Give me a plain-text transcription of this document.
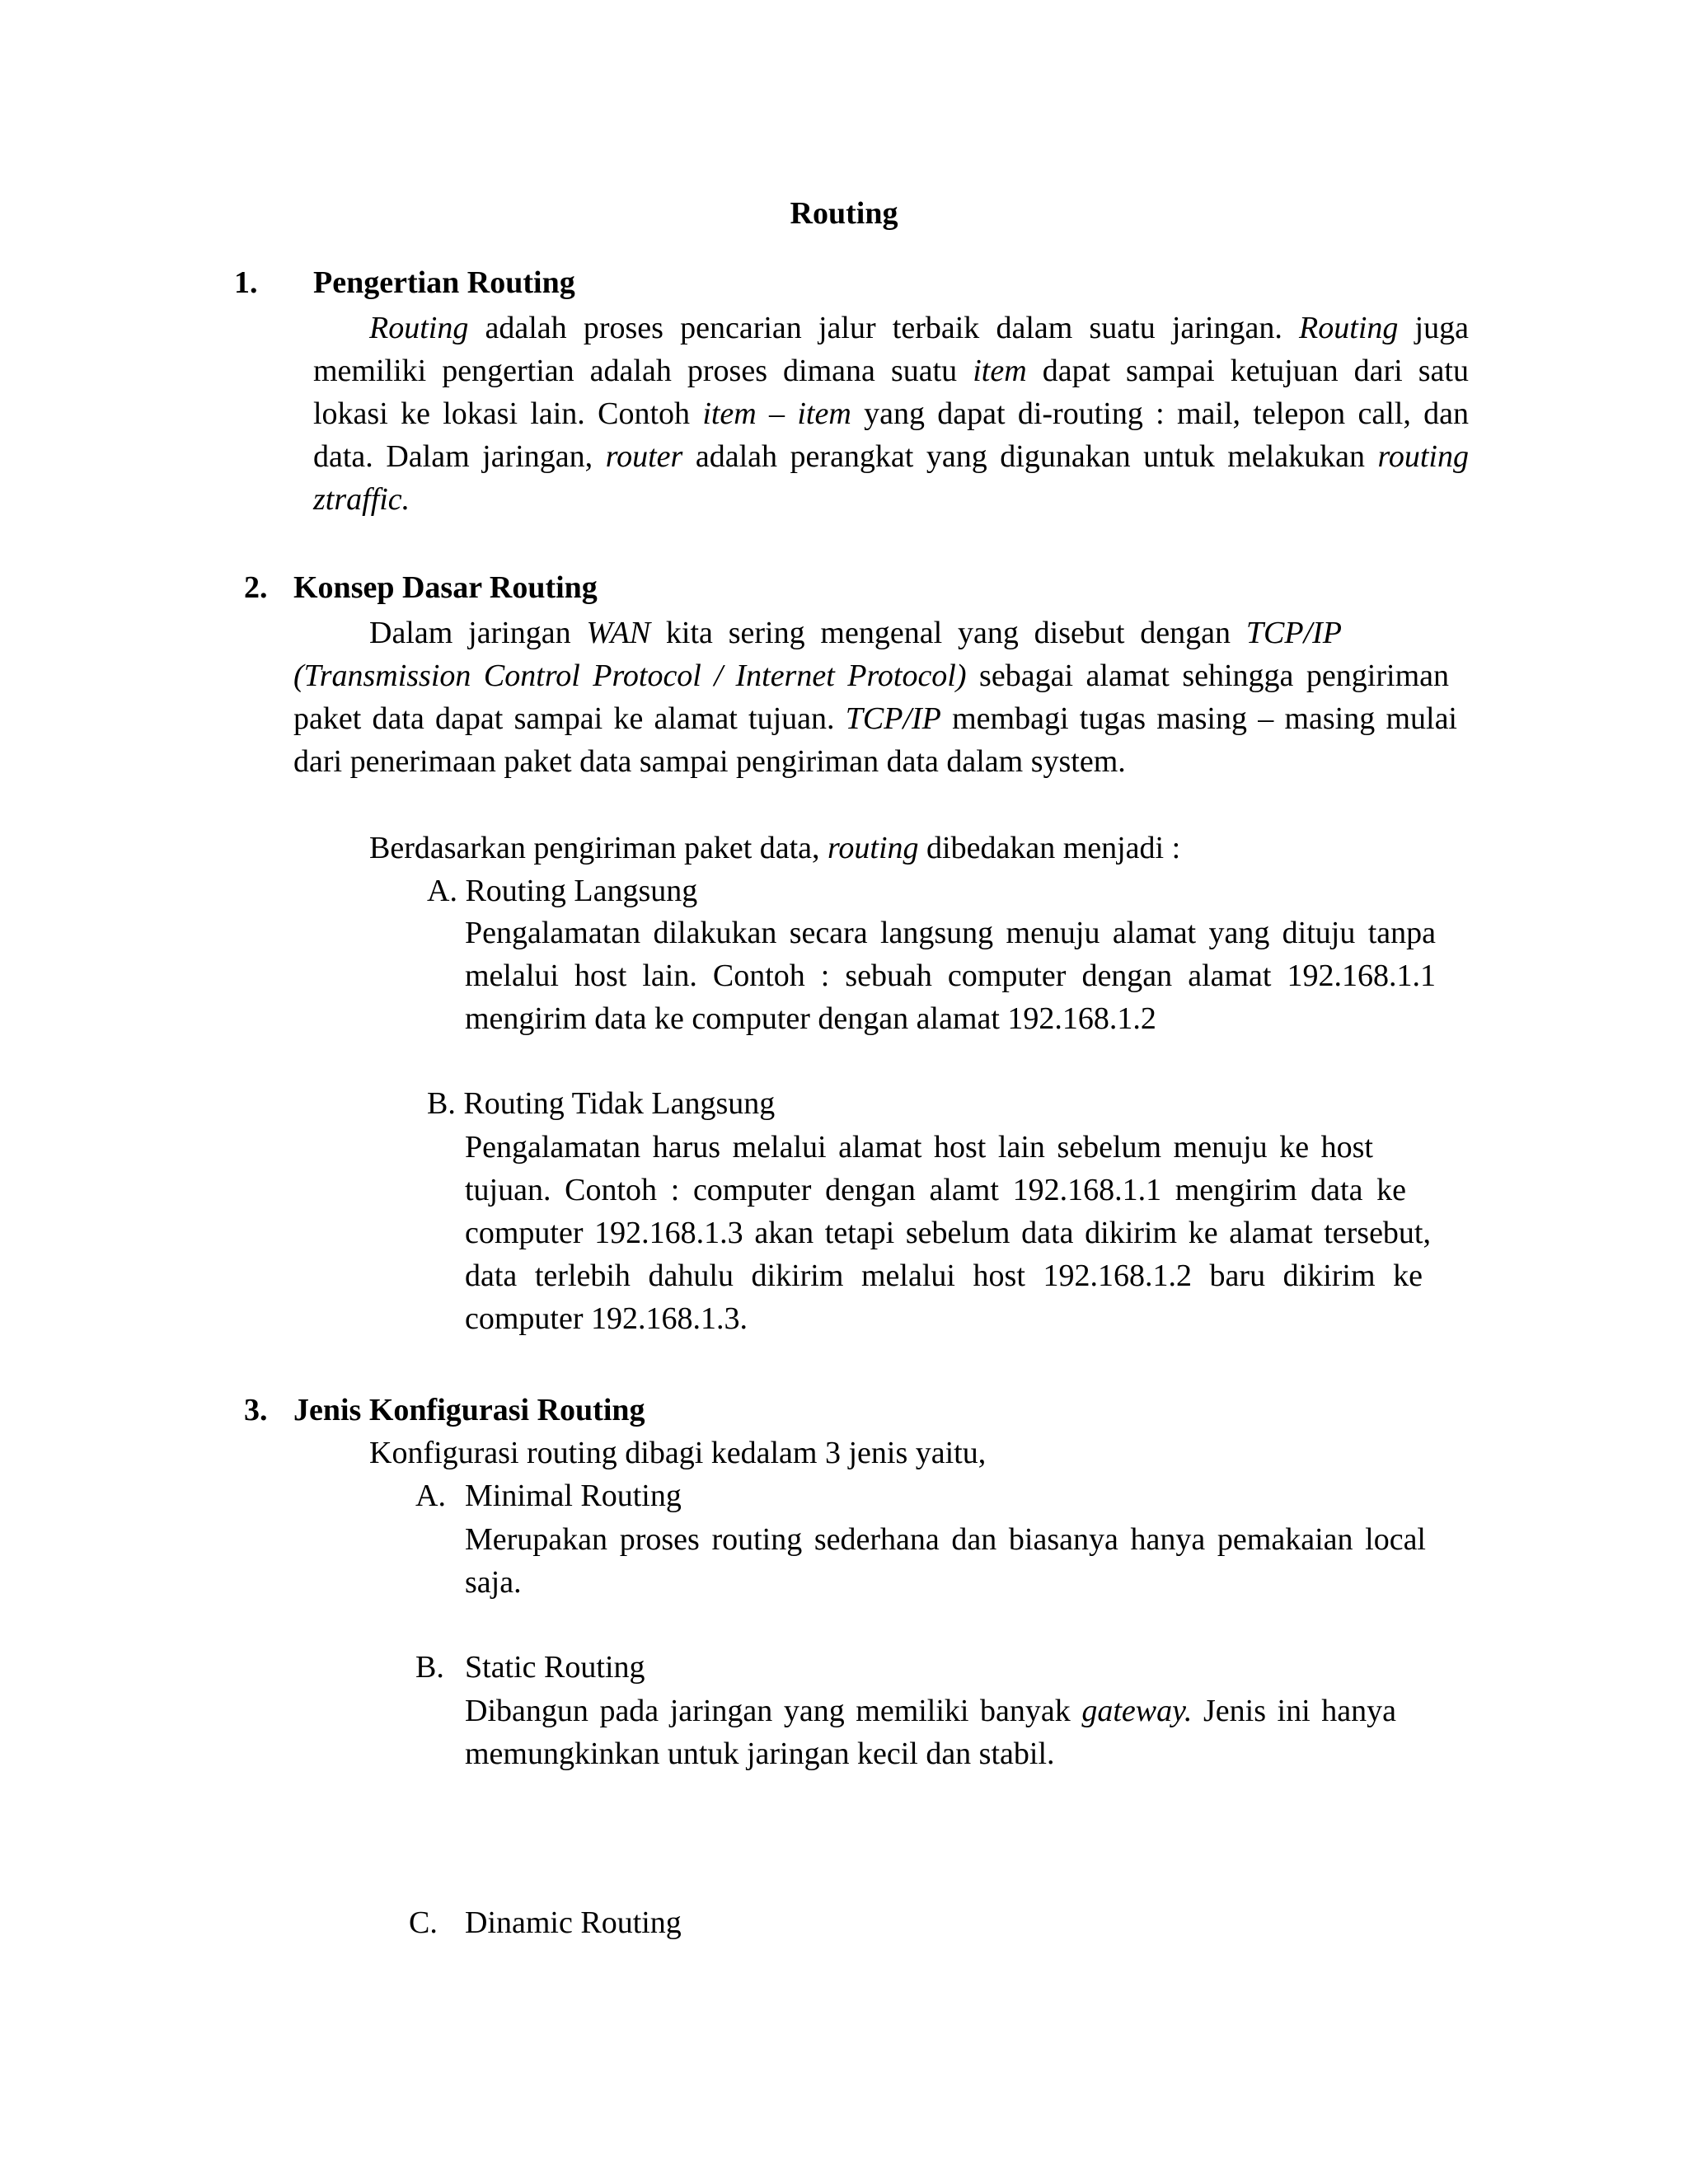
Routing
1. Pengertian Routing
Routing adalah proses pencarian jalur terbaik dalam suatu jaringan. Routing juga
memiliki pengertian adalah proses dimana suatu item dapat sampai ketujuan dari satu
lokasi ke lokasi lain. Contoh item – item yang dapat di-routing : mail, telepon call, dan
data. Dalam jaringan, router adalah perangkat yang digunakan untuk melakukan routing
ztraffic.
2. Konsep Dasar Routing
Dalam jaringan WAN kita sering mengenal yang disebut dengan TCP/IP
(Transmission Control Protocol / Internet Protocol) sebagai alamat sehingga pengiriman
paket data dapat sampai ke alamat tujuan. TCP/IP membagi tugas masing – masing mulai
dari penerimaan paket data sampai pengiriman data dalam system.
Berdasarkan pengiriman paket data, routing dibedakan menjadi :
A. Routing Langsung
Pengalamatan dilakukan secara langsung menuju alamat yang dituju tanpa
melalui host lain. Contoh : sebuah computer dengan alamat 192.168.1.1
mengirim data ke computer dengan alamat 192.168.1.2
B. Routing Tidak Langsung
Pengalamatan harus melalui alamat host lain sebelum menuju ke host
tujuan. Contoh : computer dengan alamt 192.168.1.1 mengirim data ke
computer 192.168.1.3 akan tetapi sebelum data dikirim ke alamat tersebut,
data terlebih dahulu dikirim melalui host 192.168.1.2 baru dikirim ke
computer 192.168.1.3.
3. Jenis Konfigurasi Routing
Konfigurasi routing dibagi kedalam 3 jenis yaitu,
A. Minimal Routing
Merupakan proses routing sederhana dan biasanya hanya pemakaian local
saja.
B. Static Routing
Dibangun pada jaringan yang memiliki banyak gateway. Jenis ini hanya
memungkinkan untuk jaringan kecil dan stabil.
C. Dinamic Routing
